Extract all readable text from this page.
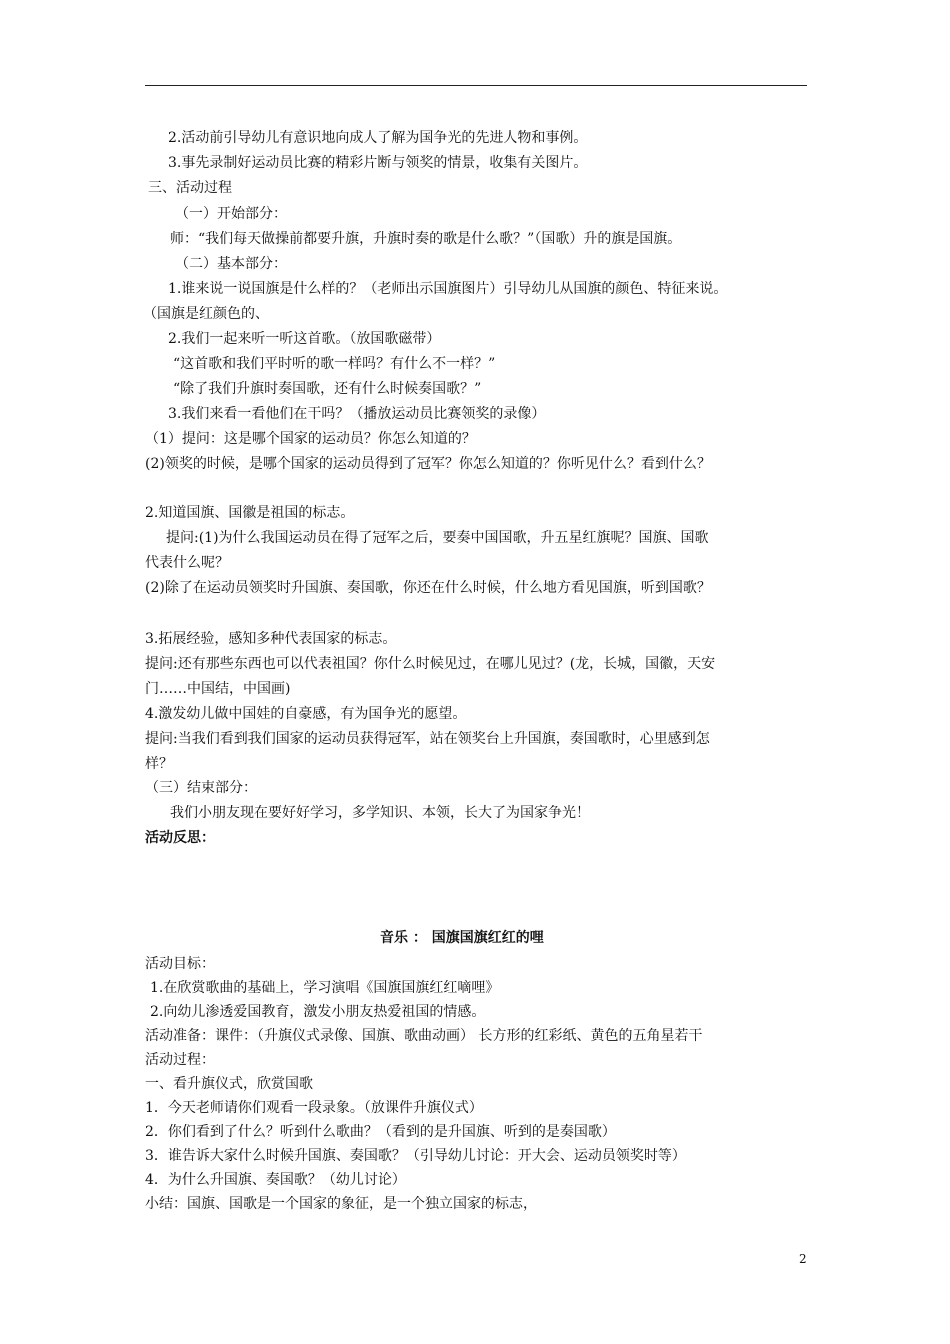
2.活动前引导幼儿有意识地向成人了解为国争光的先进人物和事例。
3.事先录制好运动员比赛的精彩片断与领奖的情景，收集有关图片。
三、活动过程
（一）开始部分：
师：“我们每天做操前都要升旗，升旗时奏的歌是什么歌？”（国歌）升的旗是国旗。
（二）基本部分：
1.谁来说一说国旗是什么样的？（老师出示国旗图片）引导幼儿从国旗的颜色、特征来说。
（国旗是红颜色的、
2.我们一起来听一听这首歌。（放国歌磁带）
“这首歌和我们平时听的歌一样吗？有什么不一样？”
“除了我们升旗时奏国歌，还有什么时候奏国歌？”
3.我们来看一看他们在干吗？（播放运动员比赛领奖的录像）
（1）提问：这是哪个国家的运动员？你怎么知道的？
(2)领奖的时候，是哪个国家的运动员得到了冠军？你怎么知道的？你听见什么？看到什么？
2.知道国旗、国徽是祖国的标志。
提问:(1)为什么我国运动员在得了冠军之后，要奏中国国歌，升五星红旗呢？国旗、国歌
代表什么呢？
(2)除了在运动员领奖时升国旗、奏国歌，你还在什么时候，什么地方看见国旗，听到国歌？
3.拓展经验，感知多种代表国家的标志。
提问:还有那些东西也可以代表祖国？你什么时候见过，在哪儿见过？(龙，长城，国徽，天安
门……中国结，中国画)
4.激发幼儿做中国娃的自豪感，有为国争光的愿望。
提问:当我们看到我们国家的运动员获得冠军，站在领奖台上升国旗，奏国歌时，心里感到怎
样？
（三）结束部分：
我们小朋友现在要好好学习，多学知识、本领，长大了为国家争光！
活动反思：
音乐 ： 国旗国旗红红的哩
活动目标：
1.在欣赏歌曲的基础上，学习演唱《国旗国旗红红嘀哩》
2.向幼儿渗透爱国教育，激发小朋友热爱祖国的情感。
活动准备：课件：（升旗仪式录像、国旗、歌曲动画） 长方形的红彩纸、黄色的五角星若干
活动过程：
一、看升旗仪式，欣赏国歌
1．今天老师请你们观看一段录象。（放课件升旗仪式）
2．你们看到了什么？听到什么歌曲？（看到的是升国旗、听到的是奏国歌）
3．谁告诉大家什么时候升国旗、奏国歌？（引导幼儿讨论：开大会、运动员领奖时等）
4．为什么升国旗、奏国歌？（幼儿讨论）
小结：国旗、国歌是一个国家的象征，是一个独立国家的标志，
2
